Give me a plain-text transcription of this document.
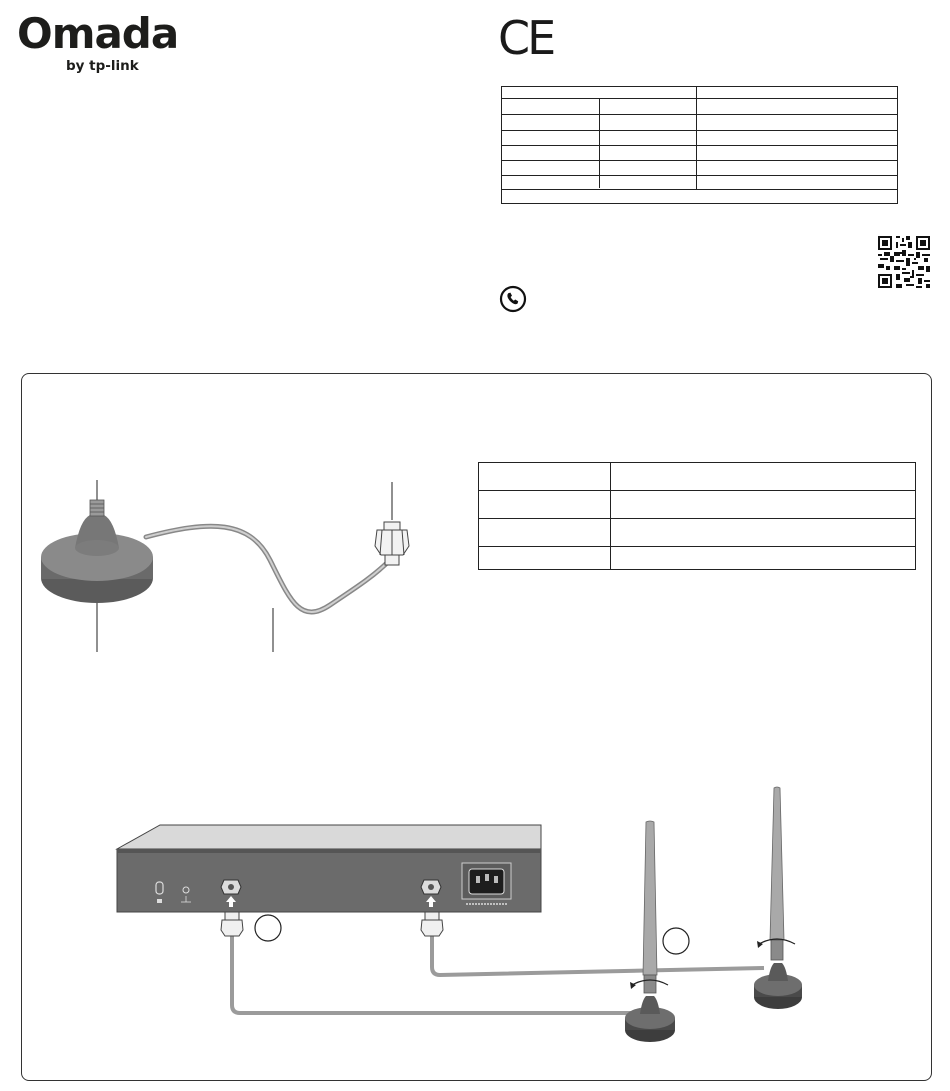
Omada
by tp-link
CE
